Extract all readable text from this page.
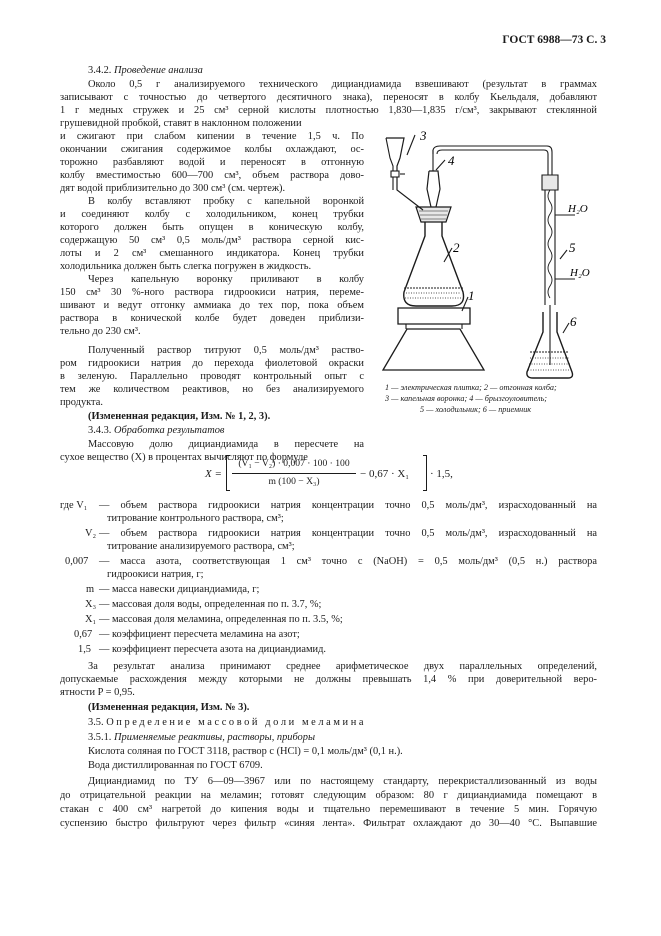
ГОСТ 6988—73 С. 3
3.4.2. Проведение анализа
Около 0,5 г анализируемого технического дициандиамида взвешивают (результат в граммах
записывают с точностью до четвертого десятичного знака), переносят в колбу Кьельдаля, добавляют
1 г медных стружек и 25 см³ серной кислоты плотностью 1,830—1,835 г/см³, закрывают стеклянной
грушевидной пробкой, ставят в наклонном положении
и сжигают при слабом кипении в течение 1,5 ч. По
окончании сжигания содержимое колбы охлаждают, ос-
торожно разбавляют водой и переносят в отгонную
колбу вместимостью 600—700 см³, объем раствора дово-
дят водой приблизительно до 300 см³ (см. чертеж).
В колбу вставляют пробку с капельной воронкой
и соединяют колбу с холодильником, конец трубки
которого должен быть опущен в коническую колбу,
содержащую 50 см³ 0,5 моль/дм³ раствора серной кис-
лоты и 2 см³ смешанного индикатора. Конец трубки
холодильника должен быть слегка погружен в жидкость.
Через капельную воронку приливают в колбу
150 см³ 30 %-ного раствора гидроокиси натрия, переме-
шивают и ведут отгонку аммиака до тех пор, пока объем
раствора в конической колбе будет доведен приблизи-
тельно до 230 см³.
Полученный раствор титруют 0,5 моль/дм³ раство-
ром гидроокиси натрия до перехода фиолетовой окраски
в зеленую. Параллельно проводят контрольный опыт с
тем же количеством реактивов, но без анализируемого
продукта.
(Измененная редакция, Изм. № 1, 2, 3).
3.4.3. Обработка результатов
Массовую долю дициандиамида в пересчете на
сухое вещество (X) в процентах вычисляют по формуле
3
4
2
1
5
6
H₂O
H₂O
1 — электрическая плитка; 2 — отгонная колба;
3 — капельная воронка; 4 — брызгоуловитель;
5 — холодильник; 6 — приемник
X =
(V₁ − V₂) · 0,007 · 100 · 100
m (100 − X₃)
− 0,67 · X₁ · 1,5,
где V₁ — объем раствора гидроокиси натрия концентрации точно 0,5 моль/дм³, израсходованный на
титрование контрольного раствора, см³;
V₂ — объем раствора гидроокиси натрия концентрации точно 0,5 моль/дм³, израсходованный на
титрование анализируемого раствора, см³;
0,007 — масса азота, соответствующая 1 см³ точно c (NaOH) = 0,5 моль/дм³ (0,5 н.) раствора
гидроокиси натрия, г;
m — масса навески дициандиамида, г;
X₃ — массовая доля воды, определенная по п. 3.7, %;
X₁ — массовая доля меламина, определенная по п. 3.5, %;
0,67 — коэффициент пересчета меламина на азот;
1,5 — коэффициент пересчета азота на дициандиамид.
За результат анализа принимают среднее арифметическое двух параллельных определений,
допускаемые расхождения между которыми не должны превышать 1,4 % при доверительной веро-
ятности P = 0,95.
(Измененная редакция, Изм. № 3).
3.5. Определение массовой доли меламина
3.5.1. Применяемые реактивы, растворы, приборы
Кислота соляная по ГОСТ 3118, раствор c (HCl) = 0,1 моль/дм³ (0,1 н.).
Вода дистиллированная по ГОСТ 6709.
Дициандиамид по ТУ 6—09—3967 или по настоящему стандарту, перекристаллизованный из воды
до отрицательной реакции на меламин; готовят следующим образом: 80 г дициандиамида помещают в
стакан с 400 см³ нагретой до кипения воды и тщательно перемешивают в течение 5 мин. Горячую
суспензию быстро фильтруют через фильтр «синяя лента». Фильтрат охлаждают до 30—40 °С. Выпавшие
